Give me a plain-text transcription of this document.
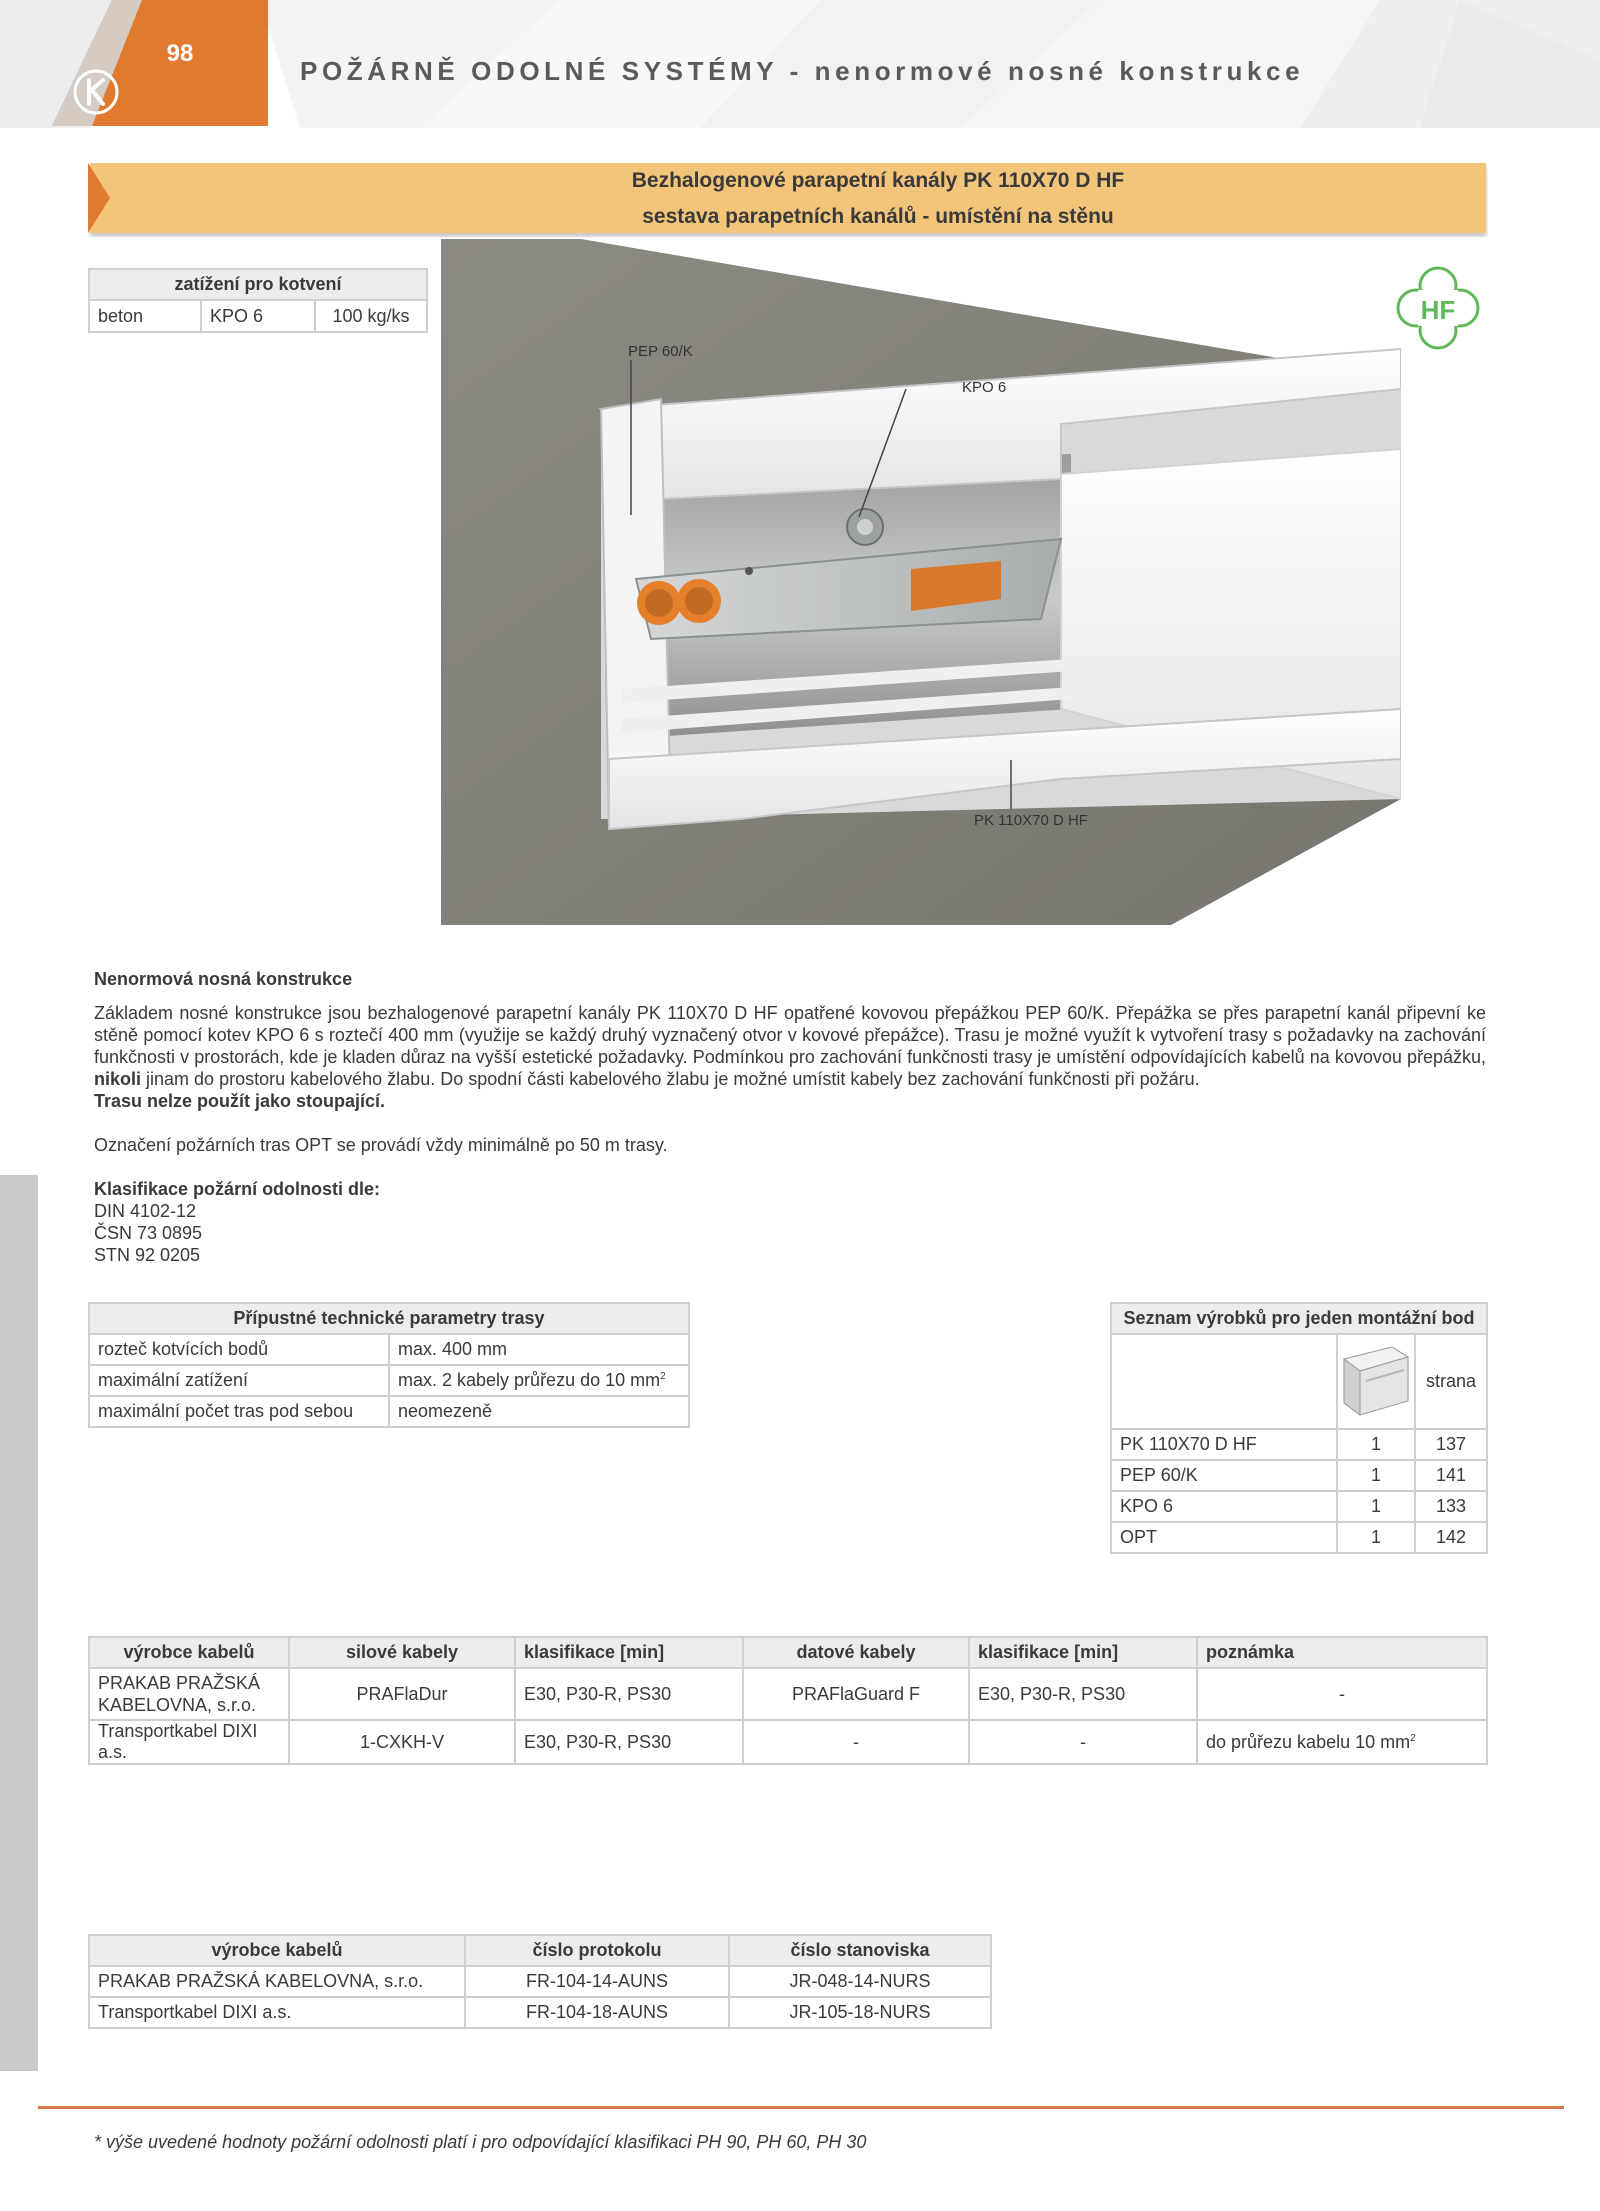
98
POŽÁRNĚ ODOLNÉ SYSTÉMY - nenormové nosné konstrukce
Bezhalogenové parapetní kanály PK 110X70 D HF
sestava parapetních kanálů - umístění na stěnu
zatížení pro kotvení
beton	KPO 6	100 kg/ks
PEP 60/K
KPO 6
PK 110X70 D HF
HF
Nenormová nosná konstrukce

Základem nosné konstrukce jsou bezhalogenové parapetní kanály PK 110X70 D HF opatřené kovovou přepážkou PEP 60/K. Přepážka se přes parapetní kanál připevní ke stěně pomocí kotev KPO 6 s roztečí 400 mm (využije se každý druhý vyznačený otvor v kovové přepážce). Trasu je možné využít k vytvoření trasy s požadavky na zachování funkčnosti v prostorách, kde je kladen důraz na vyšší estetické požadavky. Podmínkou pro zachování funkčnosti trasy je umístění odpovídajících kabelů na kovovou přepážku, nikoli jinam do prostoru kabelového žlabu. Do spodní části kabelového žlabu je možné umístit kabely bez zachování funkčnosti při požáru.

Trasu nelze použít jako stoupající.
Označení požárních tras OPT se provádí vždy minimálně po 50 m trasy.
Klasifikace požární odolnosti dle:
DIN 4102-12
ČSN 73 0895
STN 92 0205
Přípustné technické parametry trasy	
rozteč kotvících bodů	max. 400 mm
maximální zatížení	max. 2 kabely průřezu do 10 $mm^2$
maximální počet tras pod sebou	neomezeně
Seznam výrobků pro jeden montážní bod		
		strana
PK 110X70 D HF	1	137
PEP 60/K	1	141
KPO 6	1	133
OPT	1	142
výrobce kabelů	silové kabely	klasifikace [min]	datové kabely	klasifikace [min]	poznámka
PRAKAB PRAŽSKÁ KABELOVNA, s.r.o.	PRAFlaDur	E30, P30-R, PS30	PRAFlaGuard F	E30, P30-R, PS30	-
Transportkabel DIXI a.s.	1-CXKH-V	E30, P30-R, PS30	-	-	do průřezu kabelu 10 $mm^2$
výrobce kabelů	číslo protokolu	číslo stanoviska
PRAKAB PRAŽSKÁ KABELOVNA, s.r.o.	FR-104-14-AUNS	JR-048-14-NURS
Transportkabel DIXI a.s.	FR-104-18-AUNS	JR-105-18-NURS
* výše uvedené hodnoty požární odolnosti platí i pro odpovídající klasifikaci PH 90, PH 60, PH 30
